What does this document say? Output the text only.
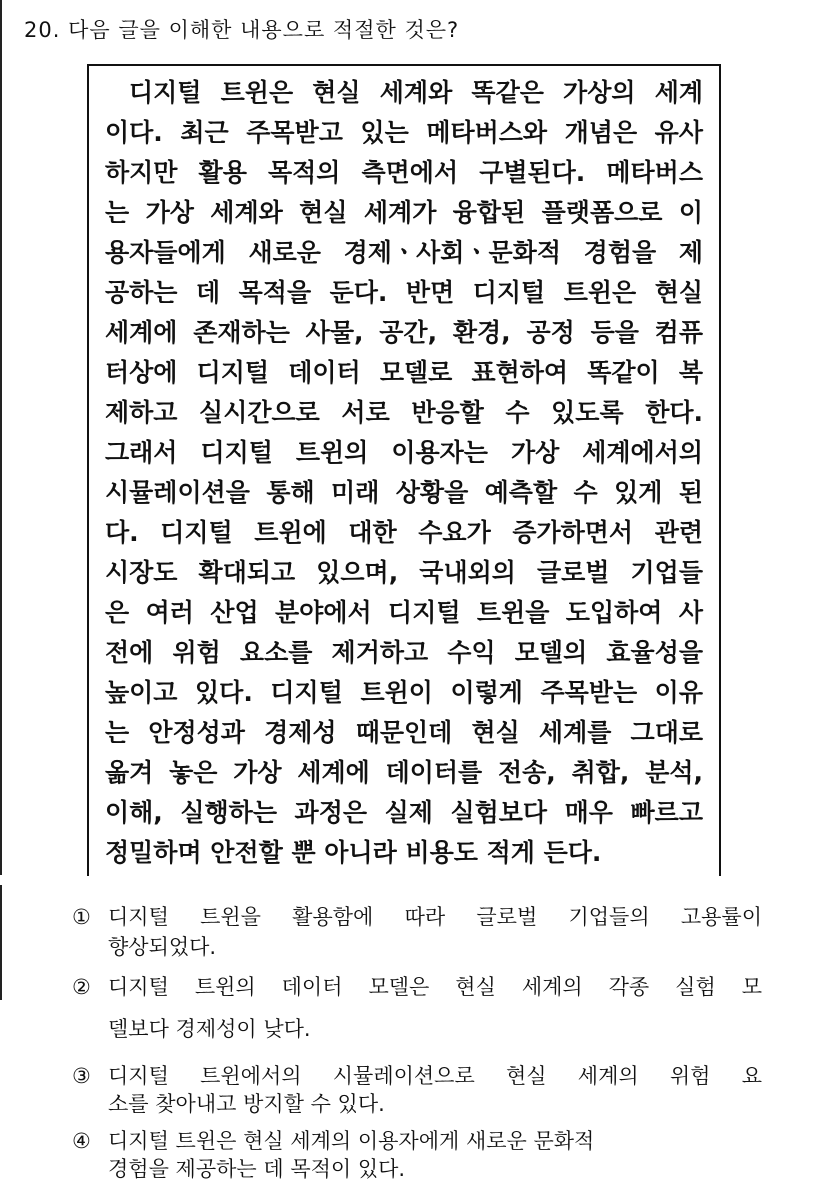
20. 다음 글을 이해한 내용으로 적절한 것은?
디지털 트윈은 현실 세계와 똑같은 가상의 세계
이다. 최근 주목받고 있는 메타버스와 개념은 유사
하지만 활용 목적의 측면에서 구별된다. 메타버스
는 가상 세계와 현실 세계가 융합된 플랫폼으로 이
용자들에게 새로운 경제ㆍ사회ㆍ문화적 경험을 제
공하는 데 목적을 둔다. 반면 디지털 트윈은 현실
세계에 존재하는 사물, 공간, 환경, 공정 등을 컴퓨
터상에 디지털 데이터 모델로 표현하여 똑같이 복
제하고 실시간으로 서로 반응할 수 있도록 한다.
그래서 디지털 트윈의 이용자는 가상 세계에서의
시뮬레이션을 통해 미래 상황을 예측할 수 있게 된
다. 디지털 트윈에 대한 수요가 증가하면서 관련
시장도 확대되고 있으며, 국내외의 글로벌 기업들
은 여러 산업 분야에서 디지털 트윈을 도입하여 사
전에 위험 요소를 제거하고 수익 모델의 효율성을
높이고 있다. 디지털 트윈이 이렇게 주목받는 이유
는 안정성과 경제성 때문인데 현실 세계를 그대로
옮겨 놓은 가상 세계에 데이터를 전송, 취합, 분석,
이해, 실행하는 과정은 실제 실험보다 매우 빠르고
정밀하며 안전할 뿐 아니라 비용도 적게 든다.
① 디지털 트윈을 활용함에 따라 글로벌 기업들의 고용률이
향상되었다.
② 디지털 트윈의 데이터 모델은 현실 세계의 각종 실험 모
델보다 경제성이 낮다.
③ 디지털 트윈에서의 시뮬레이션으로 현실 세계의 위험 요
소를 찾아내고 방지할 수 있다.
④ 디지털 트윈은 현실 세계의 이용자에게 새로운 문화적
경험을 제공하는 데 목적이 있다.
